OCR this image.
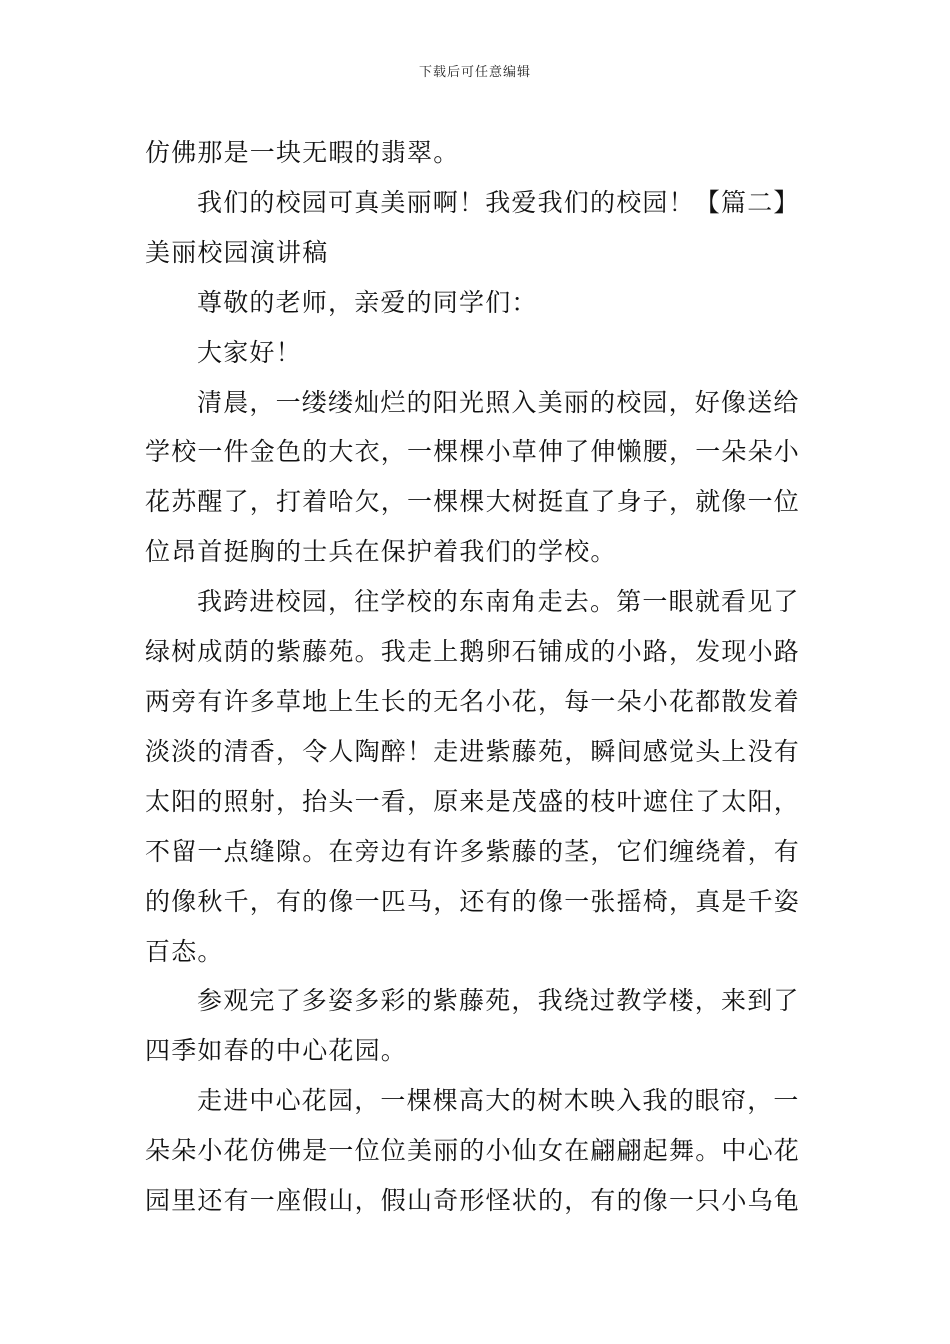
下载后可任意编辑

仿佛那是一块无暇的翡翠。

我们的校园可真美丽啊！我爱我们的校园！【篇二】

美丽校园演讲稿

尊敬的老师，亲爱的同学们：

大家好！

清晨，一缕缕灿烂的阳光照入美丽的校园，好像送给

学校一件金色的大衣，一棵棵小草伸了伸懒腰，一朵朵小

花苏醒了，打着哈欠，一棵棵大树挺直了身子，就像一位

位昂首挺胸的士兵在保护着我们的学校。

我跨进校园，往学校的东南角走去。第一眼就看见了

绿树成荫的紫藤苑。我走上鹅卵石铺成的小路，发现小路

两旁有许多草地上生长的无名小花，每一朵小花都散发着

淡淡的清香，令人陶醉！走进紫藤苑，瞬间感觉头上没有

太阳的照射，抬头一看，原来是茂盛的枝叶遮住了太阳，

不留一点缝隙。在旁边有许多紫藤的茎，它们缠绕着，有

的像秋千，有的像一匹马，还有的像一张摇椅，真是千姿

百态。

参观完了多姿多彩的紫藤苑，我绕过教学楼，来到了

四季如春的中心花园。

走进中心花园，一棵棵高大的树木映入我的眼帘，一

朵朵小花仿佛是一位位美丽的小仙女在翩翩起舞。中心花

园里还有一座假山，假山奇形怪状的，有的像一只小乌龟
